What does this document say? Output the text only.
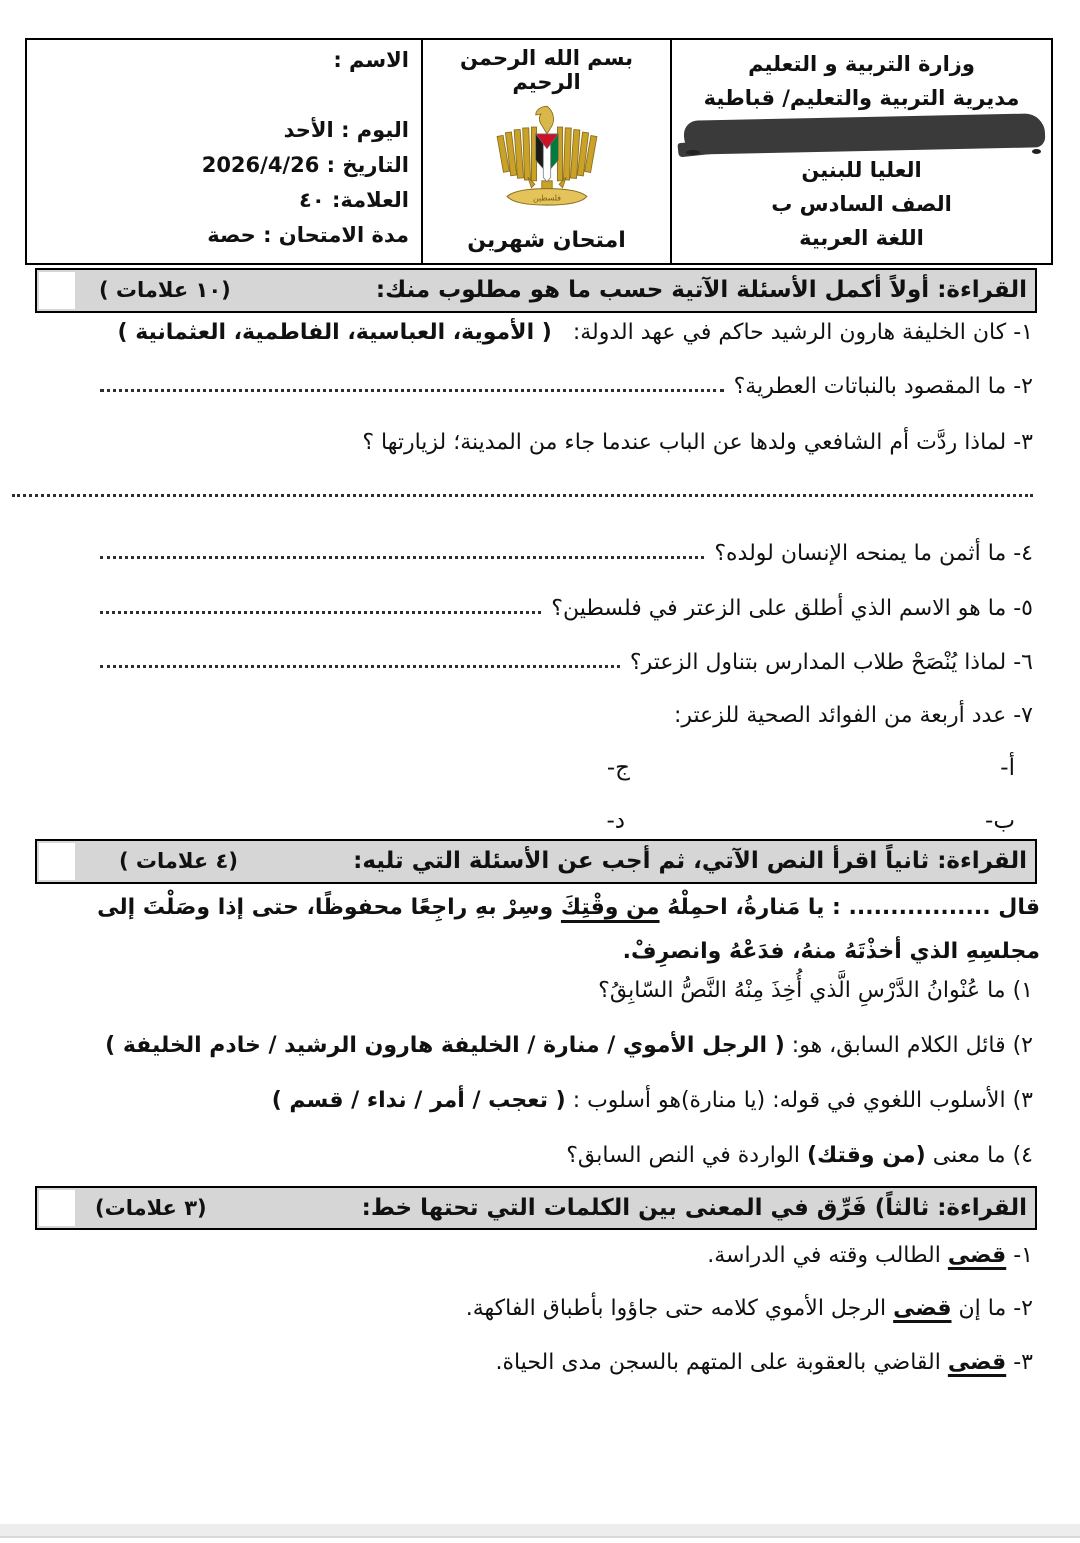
وزارة التربية و التعليم
مديرية التربية والتعليم/ قباطية
العليا للبنين
الصف السادس ب
اللغة العربية
بسم الله الرحمن الرحيم
فلسطين
امتحان شهرين
الاسم :
اليوم : الأحد
التاريخ : 2026/4/26
العلامة: ٤٠
مدة الامتحان : حصة
القراءة: أولاً أكمل الأسئلة الآتية حسب ما هو مطلوب منك:
( ١٠ علامات)
١- كان الخليفة هارون الرشيد حاكم في عهد الدولة:   ( الأموية، العباسية، الفاطمية، العثمانية )
٢- ما المقصود بالنباتات العطرية؟
٣- لماذا ردَّت أم الشافعي ولدها عن الباب عندما جاء من المدينة؛ لزيارتها ؟
٤- ما أثمن ما يمنحه الإنسان لولده؟
٥- ما هو الاسم الذي أطلق على الزعتر في فلسطين؟
٦- لماذا يُنْصَحْ طلاب المدارس بتناول الزعتر؟
٧- عدد أربعة من الفوائد الصحية للزعتر:
أ-
ج-
ب-
د-
القراءة: ثانياً اقرأ النص الآتي، ثم أجب عن الأسئلة التي تليه:
( ٤ علامات)
قال ................. : يا مَنارةُ، احمِلْهُ من وقْتِكَ وسِرْ بهِ راجِعًا محفوظًا، حتى إذا وصَلْتَ إلى مجلسِهِ الذي أخذْتَهُ منهُ، فدَعْهُ وانصرِفْ.
١) ما عُنْوانُ الدَّرْسِ الَّذي أُخِذَ مِنْهُ النَّصُّ السّابِقُ؟
٢) قائل الكلام السابق، هو: ( الرجل الأموي / منارة / الخليفة هارون الرشيد / خادم الخليفة )
٣) الأسلوب اللغوي في قوله: (يا منارة)هو أسلوب : ( تعجب / أمر / نداء / قسم )
٤) ما معنى (من وقتك) الواردة في النص السابق؟
القراءة: ثالثاً) فَرِّق في المعنى بين الكلمات التي تحتها خط:
(٣ علامات)
١- قضى الطالب وقته في الدراسة.
٢- ما إن قضى الرجل الأموي كلامه حتى جاؤوا بأطباق الفاكهة.
٣- قضى القاضي بالعقوبة على المتهم بالسجن مدى الحياة.
